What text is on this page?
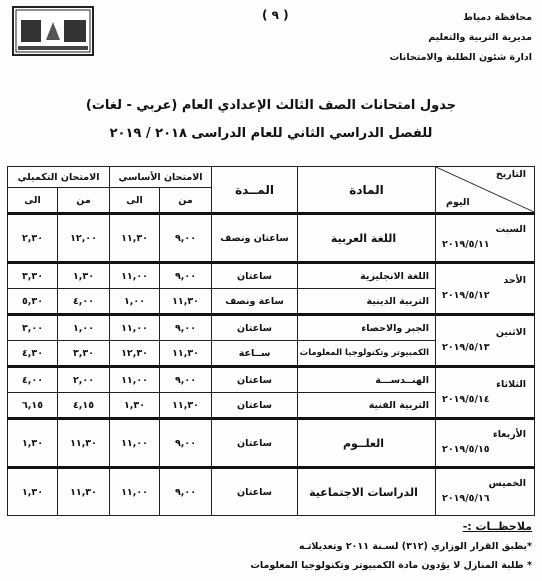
( ٩ )	محافظة دمياط
مديرية التربية والتعليم
ادارة شئون الطلبة والامتحانات
جدول امتحانات الصف الثالث الإعدادي العام (عربي - لغات)
للفصل الدراسي الثاني للعام الدراسى ٢٠١٨ / ٢٠١٩
الامتحان التكميلي		الامتحان الأساسي		المــدة	المادة	التاريخ
اليوم

الى	من	الى	من			
٢,٣٠	١٢,٠٠	١١,٣٠	٩,٠٠	ساعتان ونصف	اللغة العربية	السبت
٢٠١٩/٥/١١

٣,٣٠	١,٣٠	١١,٠٠	٩,٠٠	ساعتان	اللغة الانجليزية	الأحد
٢٠١٩/٥/١٢

٥,٣٠	٤,٠٠	١,٠٠	١١,٣٠	ساعة ونصف	التربية الدينية	
٣,٠٠	١,٠٠	١١,٠٠	٩,٠٠	ساعتان	الجبر والاحصاء	الاثنين
٢٠١٩/٥/١٣

٤,٣٠	٣,٣٠	١٢,٣٠	١١,٣٠	ســاعة	الكمبيوتر وتكنولوجيا المعلومات	
٤,٠٠	٢,٠٠	١١,٠٠	٩,٠٠	ساعتان	الهنــدســـة	الثلاثاء
٢٠١٩/٥/١٤

٦,١٥	٤,١٥	١,٣٠	١١,٣٠	ساعتان	التربية الفنية	
١,٣٠	١١,٣٠	١١,٠٠	٩,٠٠	ساعتان	العلــوم	الأربعاء
٢٠١٩/٥/١٥

١,٣٠	١١,٣٠	١١,٠٠	٩,٠٠	ساعتان	الدراسات الاجتماعية	الخميس
٢٠١٩/٥/١٦

ملاحظــات :-
*يطبق القرار الوزاري (٣١٢) لسـنة ٢٠١١ وتعديلاتـه
* طلبة المنازل لا يؤدون مادة الكمبيوتر وتكنولوجيا المعلومات
